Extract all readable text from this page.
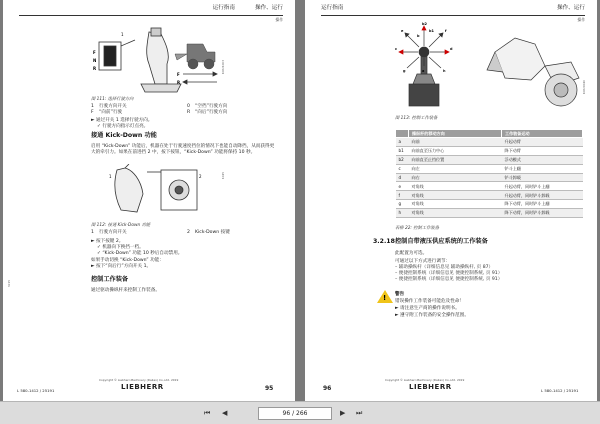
操作、运行
运行指南
操作
1
F
N
R
F
R
10821003
图 111: 选择行驶方向
1 行驶方向开关	0 “空挡”行驶方向
F “向前”行驶	R “向后”行驶方向
► 通过开关 1 选择行驶方向。
✓ 行驶方向指示灯点亮。
接通 Kick-Down 功能
启用 “Kick-Down” 功能后，机器在处于行驶速度挡位的情况下也能自动降挡，从而获得更大的牵引力。如果在前进挡 2 中，按下按钮，“Kick-Down” 功能将保持 10 秒。
1	2	1045
图 112: 接通 Kick-Down 功能
1 行驶方向开关	2 Kick-Down 按键
► 按下按键 2。
✓ 机器向下换挡一档。
✓ “Kick-Down” 功能 10 秒后自动禁用。
如果手动切换 “Kick-Down” 功能：
► 按下“向后行”方向开关 1。
控制工作装备
通过驱动操纵杆来控制工作装备。
3215
Copyright © Liebherr-Machinery (Dalian) Co.,Ltd. 2019
LIEBHERR
L 580-1412 / 25191	95
运行指南	操作、运行
操作
b2
b1
a
b
c	d
e	f
g	h
10820040
图 113: 控制工作装备
	操纵杆的移动方向	工作装备运动
a	向前	升起动臂
b1	向前直至压力中心	降下动臂
b2	向前直至止挡位置	浮动模式
c	向左	铲斗上翻
d	向右	铲斗卸载
e	对角线	升起动臂，同时铲斗上翻
f	对角线	升起动臂，同时铲斗卸载
g	对角线	降下动臂，同时铲斗上翻
h	对角线	降下动臂，同时铲斗卸载
表格 22: 控制工作装备
3.2.18 控制自带液压供应系统的工作装备
此配置为可选。
可通过以下方式进行调节：
– 辅助操纵杆（详细信息见 辅助操纵杆, 页 87）
– 便捷控制系统（详细信息见 便捷控制系统, 页 91）
– 便捷控制系统（详细信息见 便捷控制系统, 页 91）
! 警告
错误操作工作装备可能危及性命！
► 请注意生产商的操作说明书。
► 遵守附工作装备的安全操作范围。
96
Copyright © Liebherr-Machinery (Dalian) Co.,Ltd. 2019
LIEBHERR	L 580-1412 / 25191
⏮ ◀	96 / 266	▶ ⏭
